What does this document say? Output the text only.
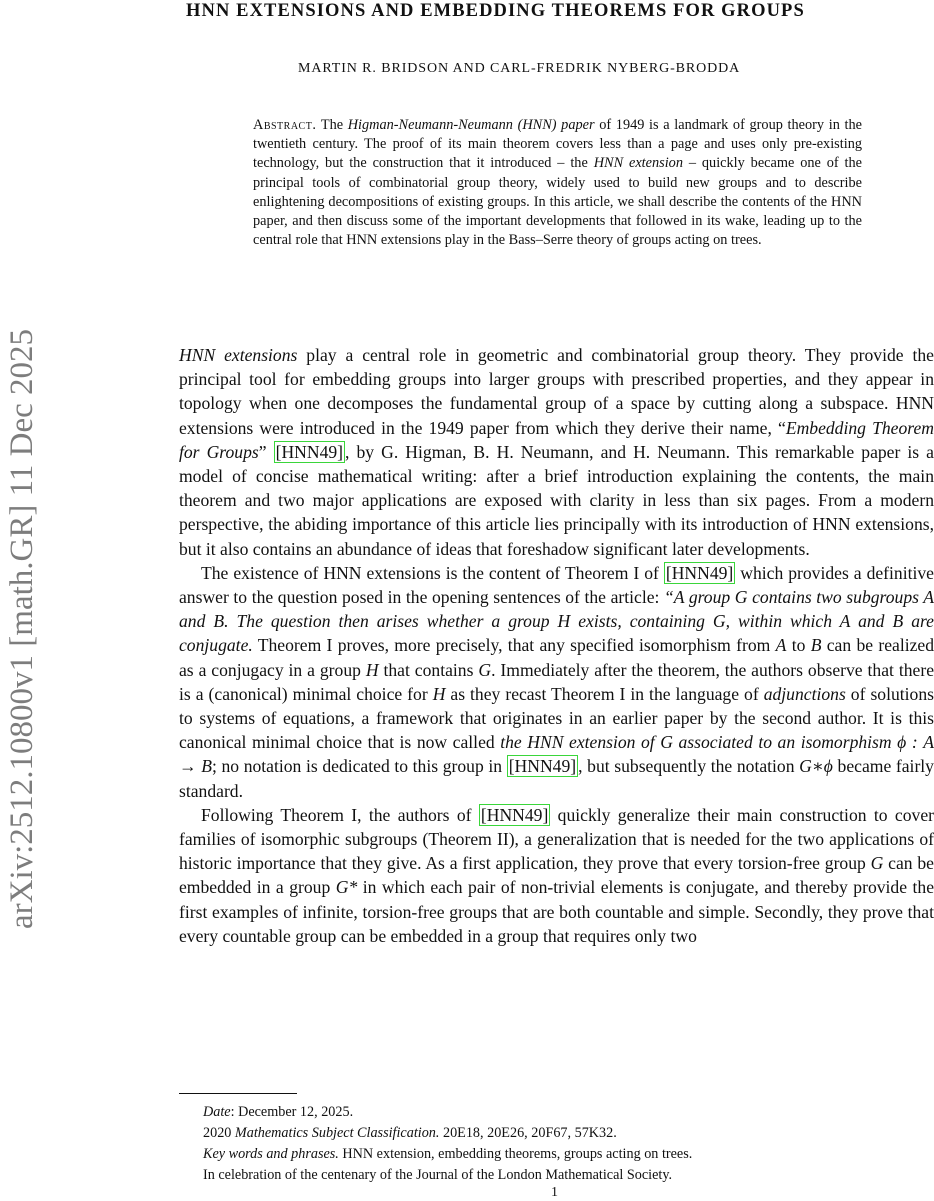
arXiv:2512.10800v1 [math.GR] 11 Dec 2025
HNN EXTENSIONS AND EMBEDDING THEOREMS FOR GROUPS
MARTIN R. BRIDSON AND CARL-FREDRIK NYBERG-BRODDA
Abstract. The Higman-Neumann-Neumann (HNN) paper of 1949 is a landmark of group theory in the twentieth century. The proof of its main theorem covers less than a page and uses only pre-existing technology, but the construction that it introduced – the HNN extension – quickly became one of the principal tools of combinatorial group theory, widely used to build new groups and to describe enlightening decompositions of existing groups. In this article, we shall describe the contents of the HNN paper, and then discuss some of the important developments that followed in its wake, leading up to the central role that HNN extensions play in the Bass–Serre theory of groups acting on trees.

HNN extensions play a central role in geometric and combinatorial group theory. They provide the principal tool for embedding groups into larger groups with prescribed properties, and they appear in topology when one decomposes the fundamental group of a space by cutting along a subspace. HNN extensions were introduced in the 1949 paper from which they derive their name, “Embedding Theorem for Groups” [HNN49] , by G. Higman, B. H. Neumann, and H. Neumann. This remarkable paper is a model of concise mathematical writing: after a brief introduction explaining the contents, the main theorem and two major applications are exposed with clarity in less than six pages. From a modern perspective, the abiding importance of this article lies principally with its introduction of HNN extensions, but it also contains an abundance of ideas that foreshadow significant later developments.

The existence of HNN extensions is the content of Theorem I of [HNN49] which provides a definitive answer to the question posed in the opening sentences of the article: “A group G contains two subgroups A and B. The question then arises whether a group H exists, containing G, within which A and B are conjugate. Theorem I proves, more precisely, that any specified isomorphism from A to B can be realized as a conjugacy in a group H that contains G. Immediately after the theorem, the authors observe that there is a (canonical) minimal choice for H as they recast Theorem I in the language of adjunctions of solutions to systems of equations, a framework that originates in an earlier paper by the second author. It is this canonical minimal choice that is now called the HNN extension of G associated to an isomorphism ϕ : A → B; no notation is dedicated to this group in [HNN49] , but subsequently the notation G∗ϕ became fairly standard.

Following Theorem I, the authors of [HNN49] quickly generalize their main construction to cover families of isomorphic subgroups (Theorem II), a generalization that is needed for the two applications of historic importance that they give. As a first application, they prove that every torsion-free group G can be embedded in a group G* in which each pair of non-trivial elements is conjugate, and thereby provide the first examples of infinite, torsion-free groups that are both countable and simple. Secondly, they prove that every countable group can be embedded in a group that requires only two

Date: December 12, 2025.
2020 Mathematics Subject Classification. 20E18, 20E26, 20F67, 57K32.
Key words and phrases. HNN extension, embedding theorems, groups acting on trees.
In celebration of the centenary of the Journal of the London Mathematical Society.
1
